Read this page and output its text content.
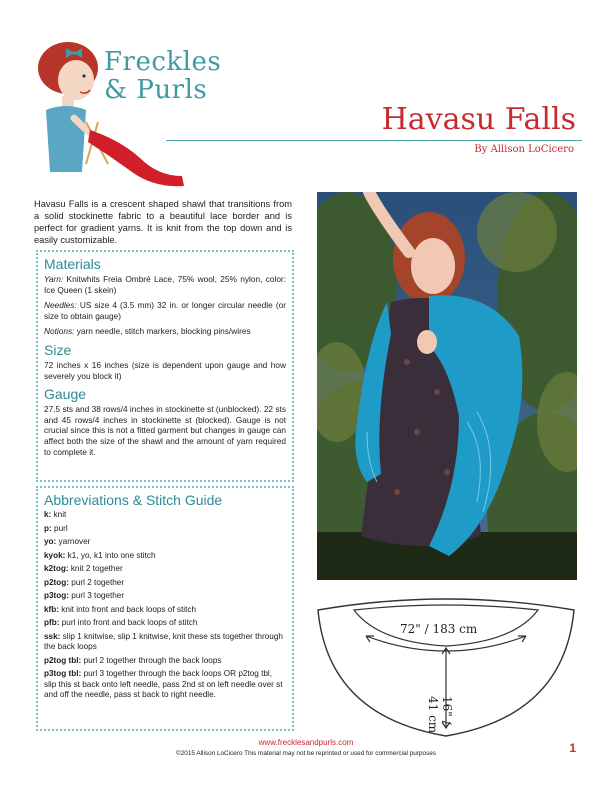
Freckles
& Purls
Havasu Falls
By Allison LoCicero
Havasu Falls is a crescent shaped shawl that transitions from a solid stockinette fabric to a beautiful lace border and is perfect for gradient yarns. It is knit from the top down and is easily customizable.
Materials
Yarn: Knitwhits Freia Ombré Lace, 75% wool, 25% nylon, color: Ice Queen (1 skein)
Needles: US size 4 (3.5 mm) 32 in. or longer circular needle (or size to obtain gauge)
Notions: yarn needle, stitch markers, blocking pins/wires
Size
72 inches x 16 inches (size is dependent upon gauge and how severely you block it)
Gauge
27.5 sts and 38 rows/4 inches in stockinette st (unblocked). 22 sts and 45 rows/4 inches in stockinette st (blocked). Gauge is not crucial since this is not a fitted garment but changes in gauge can affect both the size of the shawl and the amount of yarn required to complete it.
Abbreviations & Stitch Guide
k: knit
p: purl
yo: yarnover
kyok: k1, yo, k1 into one stitch
k2tog: knit 2 together
p2tog: purl 2 together
p3tog: purl 3 together
kfb: knit into front and back loops of stitch
pfb: purl into front and back loops of stitch
ssk: slip 1 knitwise, slip 1 knitwise, knit these sts together through the back loops
p2tog tbl: purl 2 together through the back loops
p3tog tbl: purl 3 together through the back loops OR p2tog tbl, slip this st back onto left needle, pass 2nd st on left needle over st and off the needle, pass st back to right needle.
72" / 183 cm
16" / 41 cm
www.frecklesandpurls.com
©2015 Allison LoCicero This material may not be reprinted or used for commercial purposes	1
